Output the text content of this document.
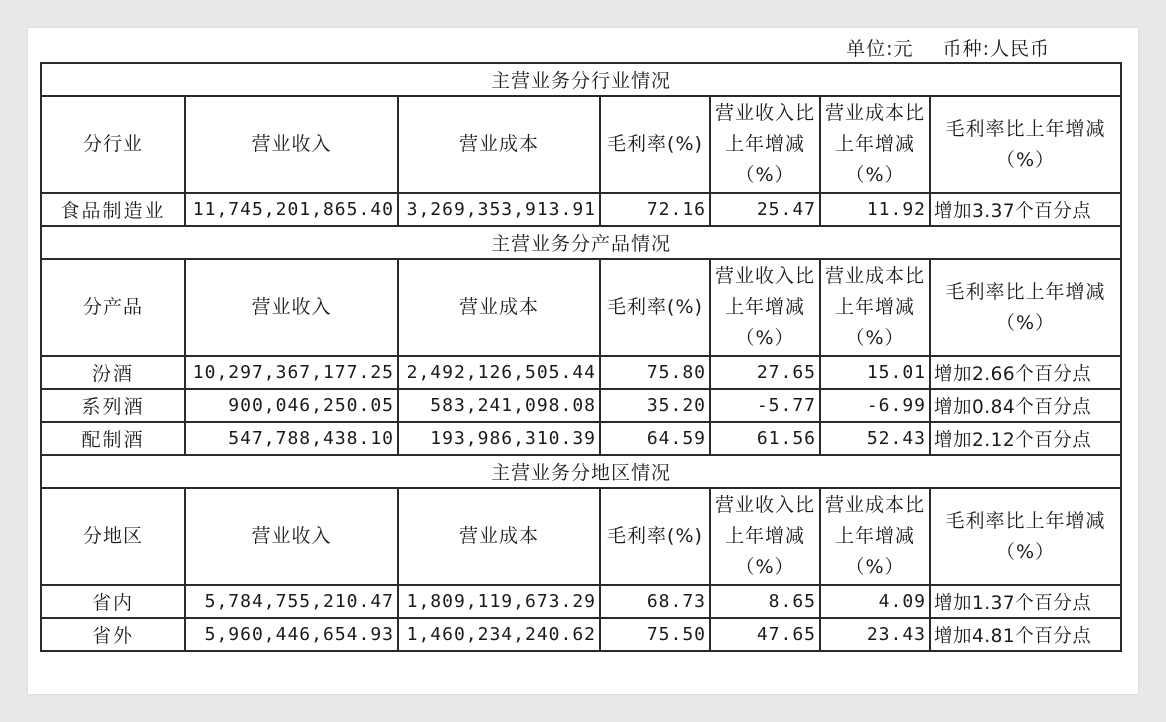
单位:元 币种:人民币
主营业务分行业情况						
分行业	营业收入	营业成本	毛利率(%)	营业收入比上年增减（%）	营业成本比上年增减（%）	毛利率比上年增减（%）
食品制造业	11,745,201,865.40	3,269,353,913.91	72.16	25.47	11.92	增加3.37个百分点
主营业务分产品情况						
分产品	营业收入	营业成本	毛利率(%)	营业收入比上年增减（%）	营业成本比上年增减（%）	毛利率比上年增减（%）
汾酒	10,297,367,177.25	2,492,126,505.44	75.80	27.65	15.01	增加2.66个百分点
系列酒	900,046,250.05	583,241,098.08	35.20	-5.77	-6.99	增加0.84个百分点
配制酒	547,788,438.10	193,986,310.39	64.59	61.56	52.43	增加2.12个百分点
主营业务分地区情况						
分地区	营业收入	营业成本	毛利率(%)	营业收入比上年增减（%）	营业成本比上年增减（%）	毛利率比上年增减（%）
省内	5,784,755,210.47	1,809,119,673.29	68.73	8.65	4.09	增加1.37个百分点
省外	5,960,446,654.93	1,460,234,240.62	75.50	47.65	23.43	增加4.81个百分点
